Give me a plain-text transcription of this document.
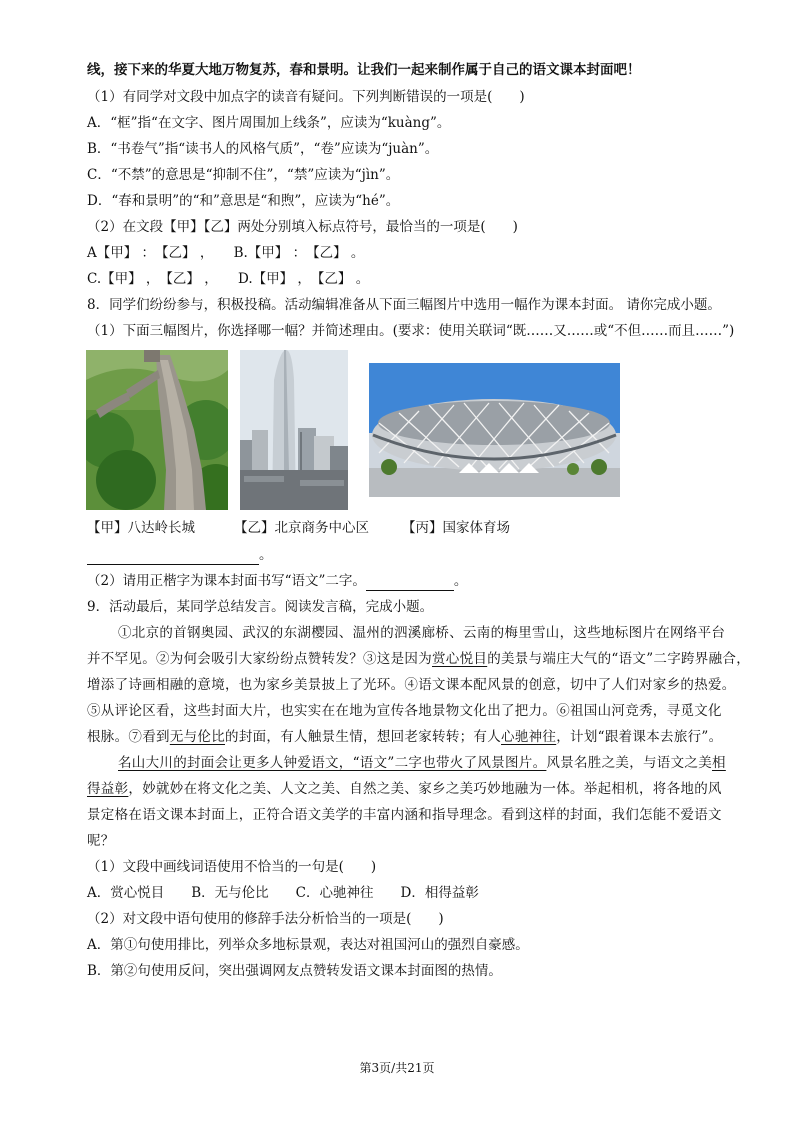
线，接下来的华夏大地万物复苏，春和景明。让我们一起来制作属于自己的语文课本封面吧！
（1）有同学对文段中加点字的读音有疑问。下列判断错误的一项是(　　)
A．“框”指“在文字、图片周围加上线条”，应读为“kuàng”。
B．“书卷气”指“读书人的风格气质”，“卷”应读为“juàn”。
C．“不禁”的意思是“抑制不住”，“禁”应读为“jìn”。
D．“春和景明”的“和”意思是“和煦”，应读为“hé”。
（2）在文段【甲】【乙】两处分别填入标点符号，最恰当的一项是(　　)
A【甲】 ：　【乙】 ，　　B.【甲】 ：　【乙】 。
C.【甲】 ，　【乙】 ，　　D.【甲】 ，　【乙】 。
8．同学们纷纷参与，积极投稿。活动编辑准备从下面三幅图片中选用一幅作为课本封面。 请你完成小题。
（1）下面三幅图片，你选择哪一幅？并简述理由。(要求：使用关联词“既……又……或“不但……而且……”)
【甲】八达岭长城	【乙】北京商务中心区 【丙】国家体育场
。
（2）请用正楷字为课本封面书写“语文”二字。	。
9．活动最后，某同学总结发言。阅读发言稿，完成小题。
①北京的首钢奥园、武汉的东湖樱园、温州的泗溪廊桥、云南的梅里雪山，这些地标图片在网络平台
并不罕见。②为何会吸引大家纷纷点赞转发？③这是因为赏心悦目的美景与端庄大气的“语文”二字跨界融合，
增添了诗画相融的意境，也为家乡美景披上了光环。④语文课本配风景的创意，切中了人们对家乡的热爱。
⑤从评论区看，这些封面大片，也实实在在地为宣传各地景物文化出了把力。⑥祖国山河竞秀，寻觅文化
根脉。⑦看到无与伦比的封面，有人触景生情，想回老家转转；有人心驰神往，计划“跟着课本去旅行”。
名山大川的封面会让更多人钟爱语文，“语文”二字也带火了风景图片。风景名胜之美，与语文之美相
得益彰，妙就妙在将文化之美、人文之美、自然之美、家乡之美巧妙地融为一体。举起相机，将各地的风
景定格在语文课本封面上，正符合语文美学的丰富内涵和指导理念。看到这样的封面，我们怎能不爱语文
呢？
（1）文段中画线词语使用不恰当的一句是(　　)
A．赏心悦目　　B．无与伦比　　C．心驰神往　　D．相得益彰
（2）对文段中语句使用的修辞手法分析恰当的一项是(　　)
A．第①句使用排比，列举众多地标景观，表达对祖国河山的强烈自豪感。
B．第②句使用反问，突出强调网友点赞转发语文课本封面图的热情。
第3页/共21页
